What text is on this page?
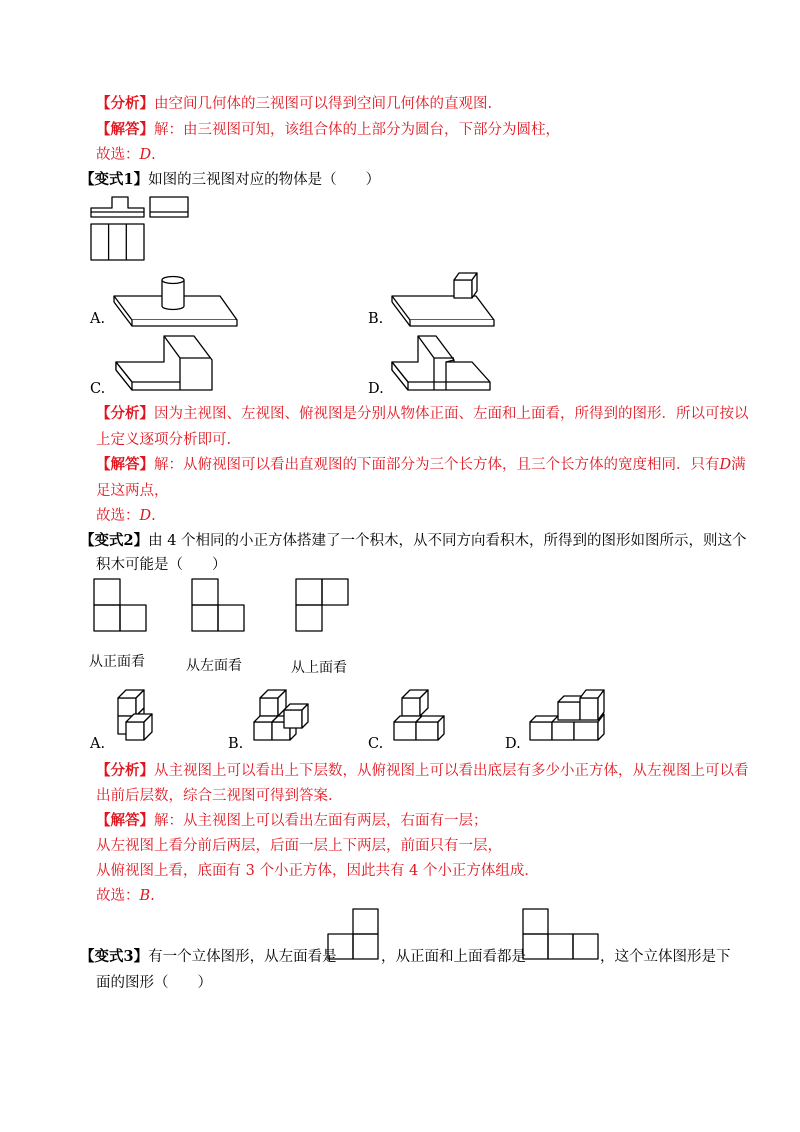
【分析】由空间几何体的三视图可以得到空间几何体的直观图.
【解答】解：由三视图可知，该组合体的上部分为圆台，下部分为圆柱，
故选：D.
【变式1】如图的三视图对应的物体是（　　）
A.	B.
C.	D.
【分析】因为主视图、左视图、俯视图是分别从物体正面、左面和上面看，所得到的图形．所以可按以
上定义逐项分析即可.
【解答】解：从俯视图可以看出直观图的下面部分为三个长方体，且三个长方体的宽度相同．只有D满
足这两点，
故选：D.
【变式2】由 4 个相同的小正方体搭建了一个积木，从不同方向看积木，所得到的图形如图所示，则这个
积木可能是（　　）
从正面看	从左面看	从上面看
A.	B.	C.	D.
【分析】从主视图上可以看出上下层数，从俯视图上可以看出底层有多少小正方体，从左视图上可以看
出前后层数，综合三视图可得到答案.
【解答】解：从主视图上可以看出左面有两层，右面有一层；
从左视图上看分前后两层，后面一层上下两层，前面只有一层，
从俯视图上看，底面有 3 个小正方体，因此共有 4 个小正方体组成．
故选：B.
【变式3】有一个立体图形，从左面看是	，从正面和上面看都是	，这个立体图形是下
面的图形（　　）
